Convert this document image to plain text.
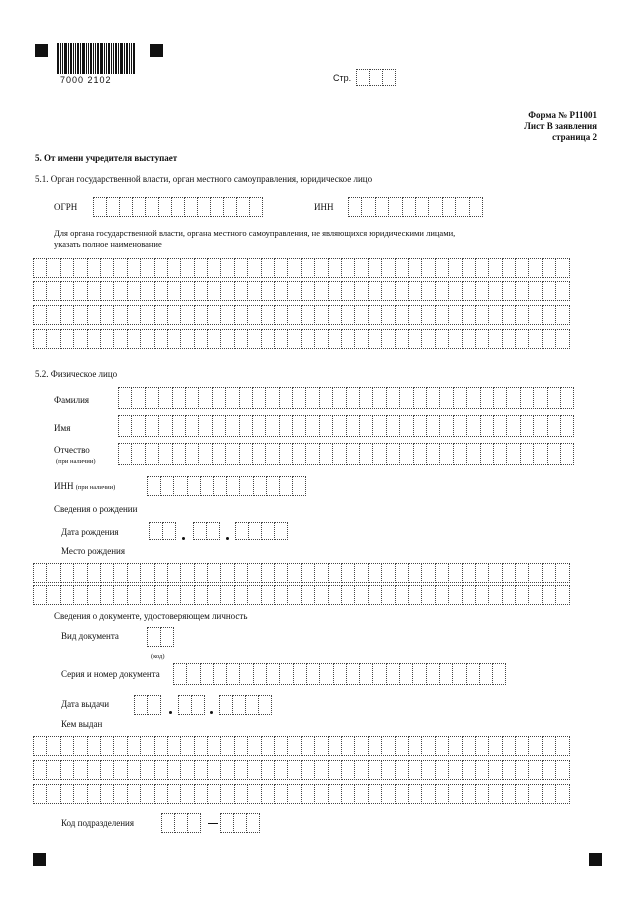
7000 2102	Стр.
Форма № Р11001
Лист В заявления
страница 2
5. От имени учредителя выступает
5.1. Орган государственной власти, орган местного самоуправления, юридическое лицо
ОГРН	ИНН
Для органа государственной власти, органа местного самоуправления, не являющихся юридическими лицами,
указать полное наименование
5.2. Физическое лицо
Фамилия
Имя
Отчество
(при наличии)
ИНН (при наличии)
Сведения о рождении
Дата рождения
Место рождения
Сведения о документе, удостоверяющем личность
Вид документа
(код)
Серия и номер документа
Дата выдачи
Кем выдан
Код подразделения
